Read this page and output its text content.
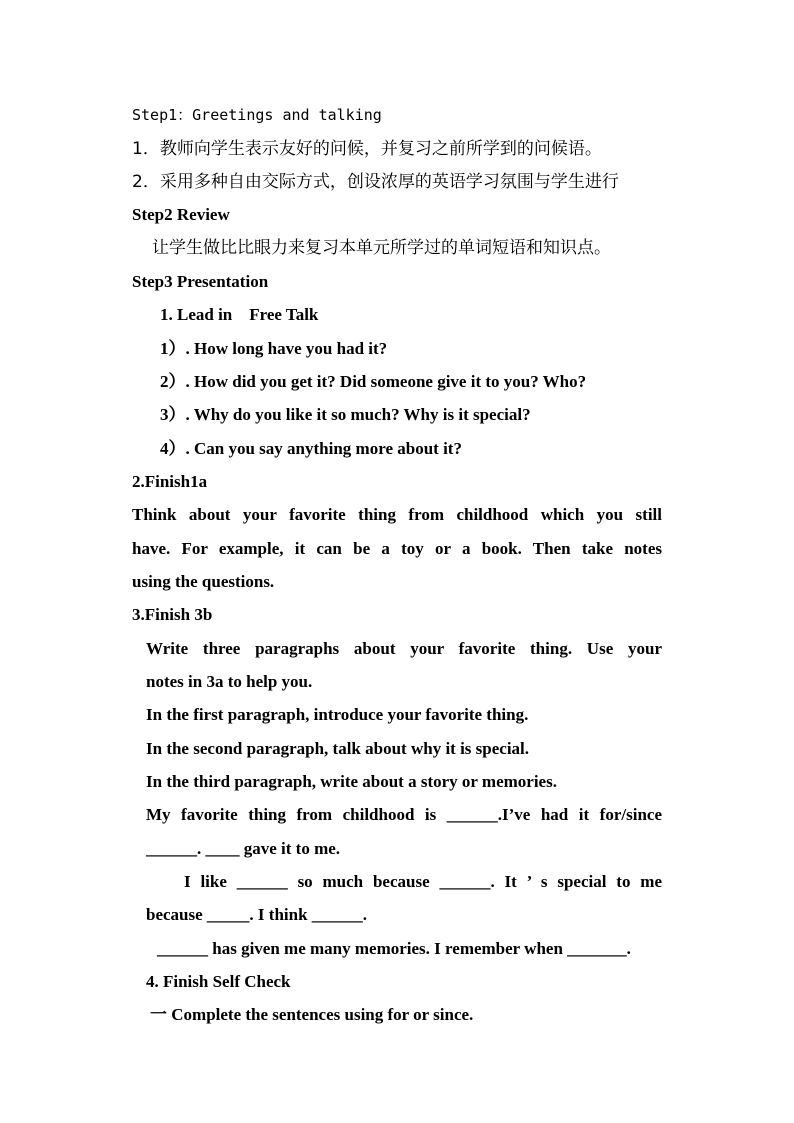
Step1：Greetings and talking
1．教师向学生表示友好的问候，并复习之前所学到的问候语。
2．采用多种自由交际方式，创设浓厚的英语学习氛围与学生进行
Step2 Review
让学生做比比眼力来复习本单元所学过的单词短语和知识点。
Step3 Presentation
1. Lead in    Free Talk
1）. How long have you had it?
2）. How did you get it? Did someone give it to you? Who?
3）. Why do you like it so much? Why is it special?
4）. Can you say anything more about it?
2.Finish1a
Think about your favorite thing from childhood which you still
have. For example, it can be a toy or a book. Then take notes
using the questions.
3.Finish 3b
Write three paragraphs about your favorite thing. Use your
notes in 3a to help you.
In the first paragraph, introduce your favorite thing.
In the second paragraph, talk about why it is special.
In the third paragraph, write about a story or memories.
My favorite thing from childhood is ______.I’ve had it for/since
______. ____ gave it to me.
I like ______ so much because ______. It ’ s special to me
because _____. I think ______.
______ has given me many memories. I remember when _______.
4. Finish Self Check
一 Complete the sentences using for or since.
